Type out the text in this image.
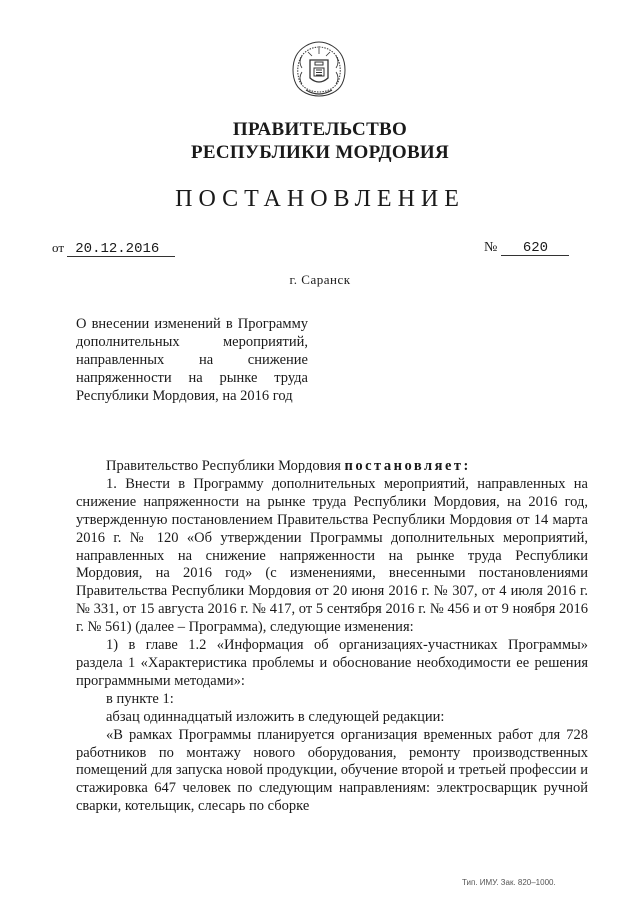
ПРАВИТЕЛЬСТВО
РЕСПУБЛИКИ МОРДОВИЯ
ПОСТАНОВЛЕНИЕ
от 20.12.2016	№ 620
г. Саранск
О внесении изменений в Программу дополнительных мероприятий, направленных на снижение напряженности на рынке труда Республики Мордовия, на 2016 год

Правительство Республики Мордовия постановляет:

1. Внести в Программу дополнительных мероприятий, направленных на снижение напряженности на рынке труда Республики Мордовия, на 2016 год, утвержденную постановлением Правительства Республики Мордовия от 14 марта 2016 г. № 120 «Об утверждении Программы дополнительных мероприятий, направленных на снижение напряженности на рынке труда Республики Мордовия, на 2016 год» (с изменениями, внесенными постановлениями Правительства Республики Мордовия от 20 июня 2016 г. № 307, от 4 июля 2016 г. № 331, от 15 августа 2016 г. № 417, от 5 сентября 2016 г. № 456 и от 9 ноября 2016 г. № 561) (далее – Программа), следующие изменения:

1) в главе 1.2 «Информация об организациях-участниках Программы» раздела 1 «Характеристика проблемы и обоснование необходимости ее решения программными методами»:

в пункте 1:

абзац одиннадцатый изложить в следующей редакции:

«В рамках Программы планируется организация временных работ для 728 работников по монтажу нового оборудования, ремонту производственных помещений для запуска новой продукции, обучение второй и третьей профессии и стажировка 647 человек по следующим направлениям: электросварщик ручной сварки, котельщик, слесарь по сборке

Тип. ИМУ. Зак. 820–1000.
